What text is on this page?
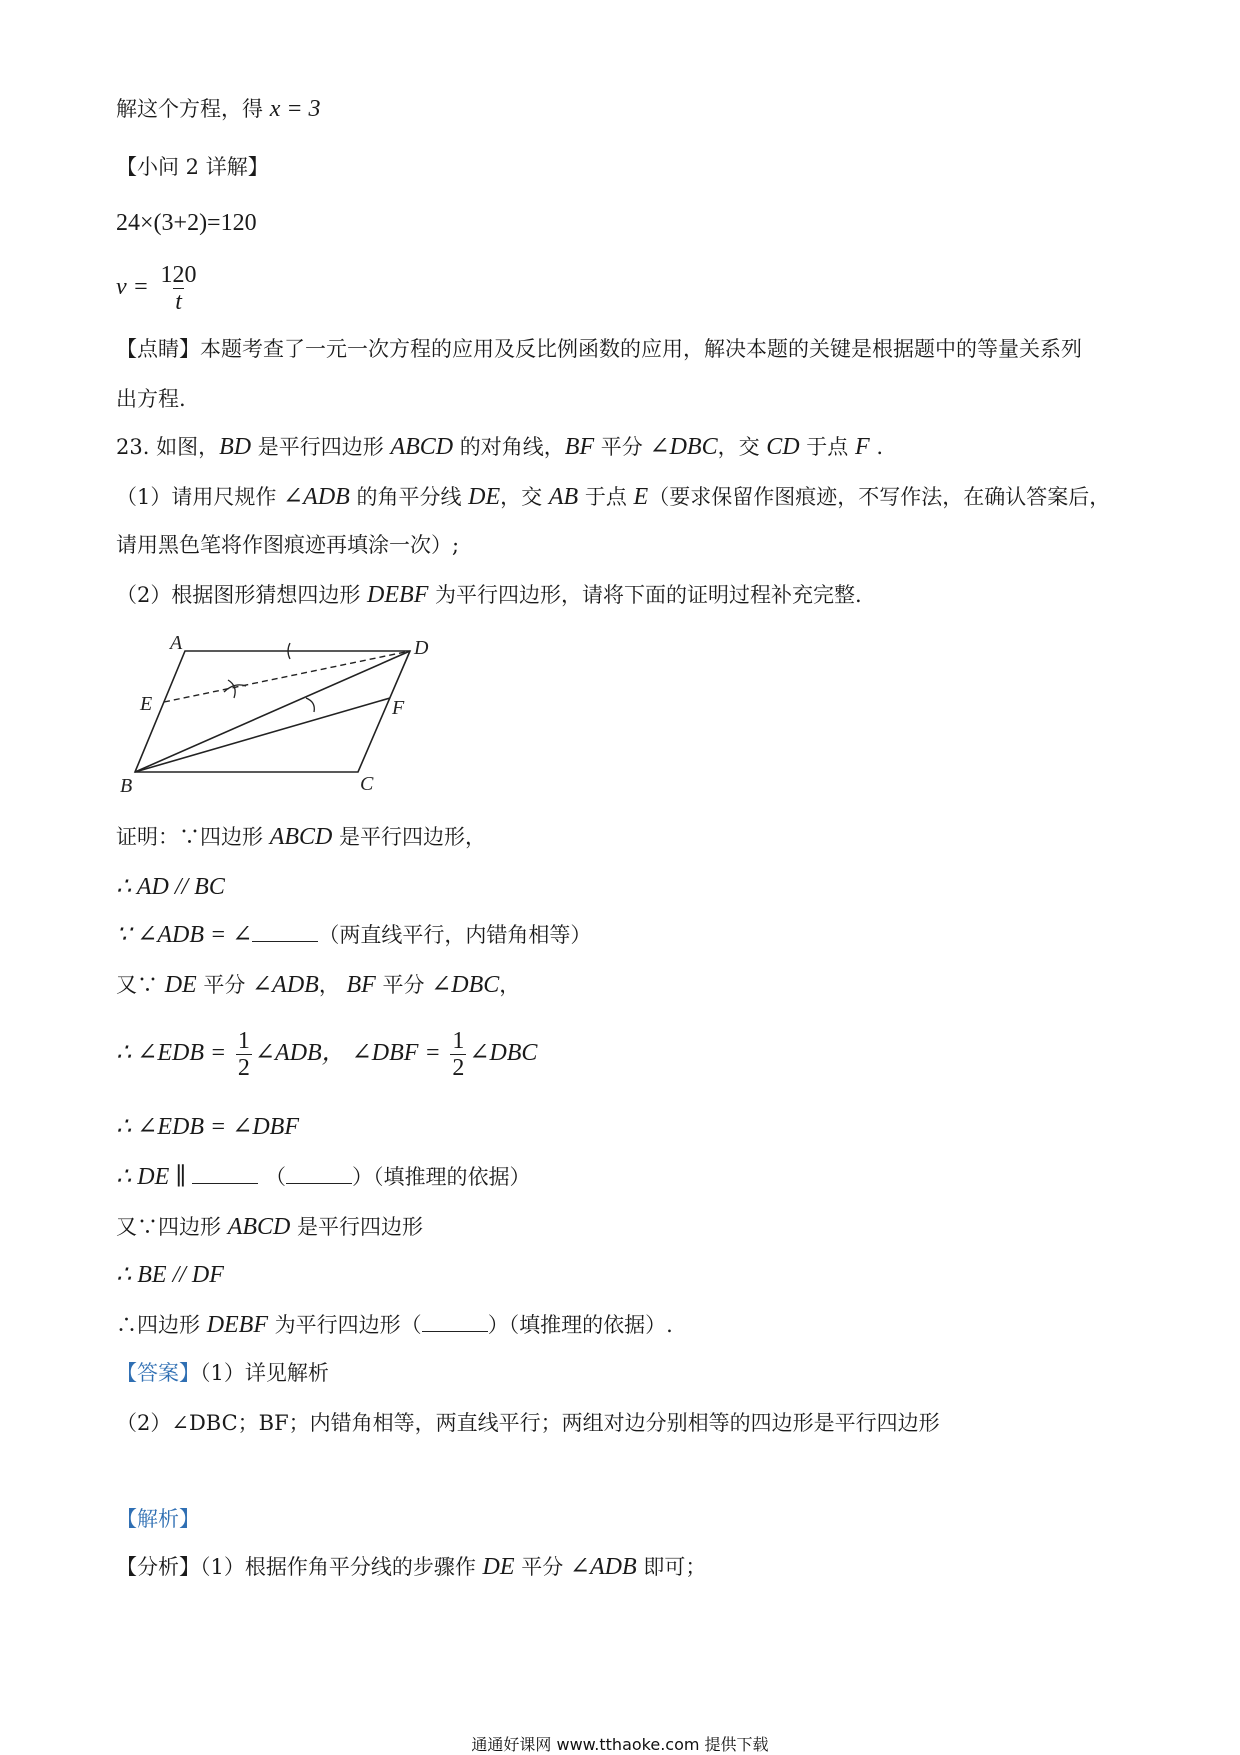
解这个方程，得 x = 3
【小问 2 详解】
24×(3+2)=120
$v = \frac{120}{t}$
【点睛】本题考查了一元一次方程的应用及反比例函数的应用，解决本题的关键是根据题中的等量关系列
出方程.
23. 如图，BD 是平行四边形 ABCD 的对角线，BF 平分 ∠DBC，交 CD 于点 F .
（1）请用尺规作 ∠ADB 的角平分线 DE，交 AB 于点 E（要求保留作图痕迹，不写作法，在确认答案后，
请用黑色笔将作图痕迹再填涂一次）;
（2）根据图形猜想四边形 DEBF 为平行四边形，请将下面的证明过程补充完整.
A	D
E	F
B	C
证明：∵四边形 ABCD 是平行四边形，
∴ AD // BC
∵ ∠ADB = ∠	（两直线平行，内错角相等）
又∵ DE 平分 ∠ADB， BF 平分 ∠DBC，
∴ ∠EDB = $\frac{1}{2}$ ∠ADB， ∠DBF = $\frac{1}{2}$ ∠DBC
∴ ∠EDB = ∠DBF
∴ DE ∥	（	）（填推理的依据）
又∵四边形 ABCD 是平行四边形
∴ BE // DF
∴四边形 DEBF 为平行四边形（	）（填推理的依据）.
【答案】（1）详见解析
（2）∠DBC；BF；内错角相等，两直线平行；两组对边分别相等的四边形是平行四边形
【解析】
【分析】（1）根据作角平分线的步骤作 DE 平分 ∠ADB 即可；
通通好课网 www.tthaoke.com 提供下载
